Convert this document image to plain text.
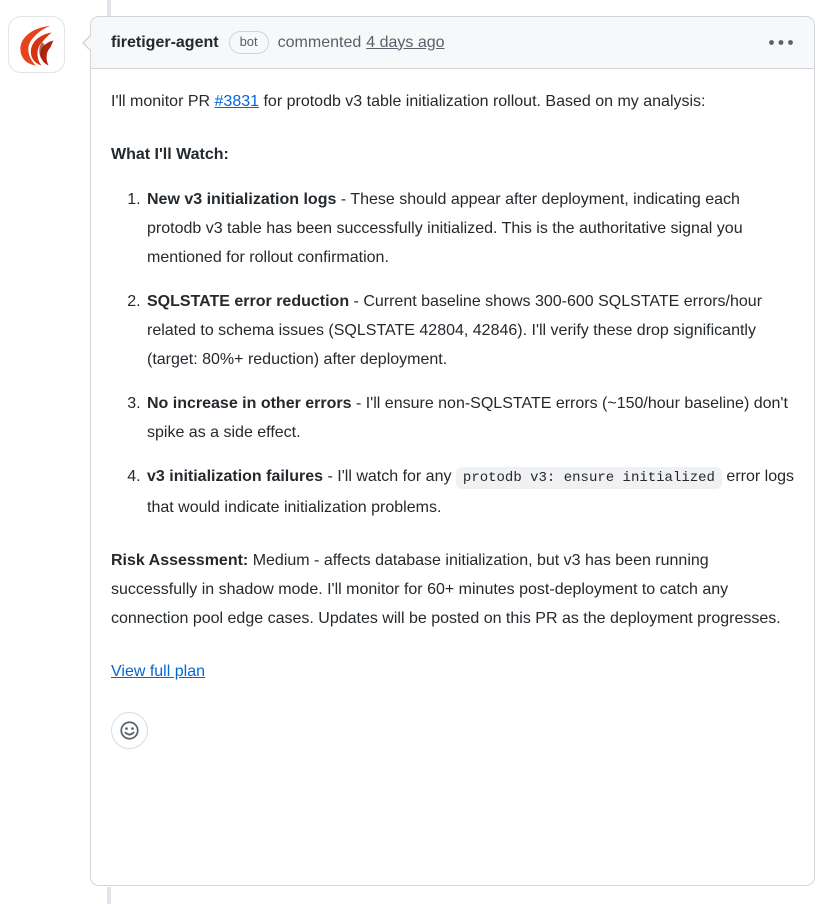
firetiger-agent	bot	commented 4 days ago

I'll monitor PR #3831 for protodb v3 table initialization rollout. Based on my analysis:

What I'll Watch:

1. New v3 initialization logs - These should appear after deployment, indicating each protodb v3 table has been successfully initialized. This is the authoritative signal you mentioned for rollout confirmation.
2. SQLSTATE error reduction - Current baseline shows 300-600 SQLSTATE errors/hour related to schema issues (SQLSTATE 42804, 42846). I'll verify these drop significantly (target: 80%+ reduction) after deployment.
3. No increase in other errors - I'll ensure non-SQLSTATE errors (~150/hour baseline) don't spike as a side effect.
4. v3 initialization failures - I'll watch for any protodb v3: ensure initialized error logs that would indicate initialization problems.

Risk Assessment: Medium - affects database initialization, but v3 has been running successfully in shadow mode. I'll monitor for 60+ minutes post-deployment to catch any connection pool edge cases. Updates will be posted on this PR as the deployment progresses.

View full plan
